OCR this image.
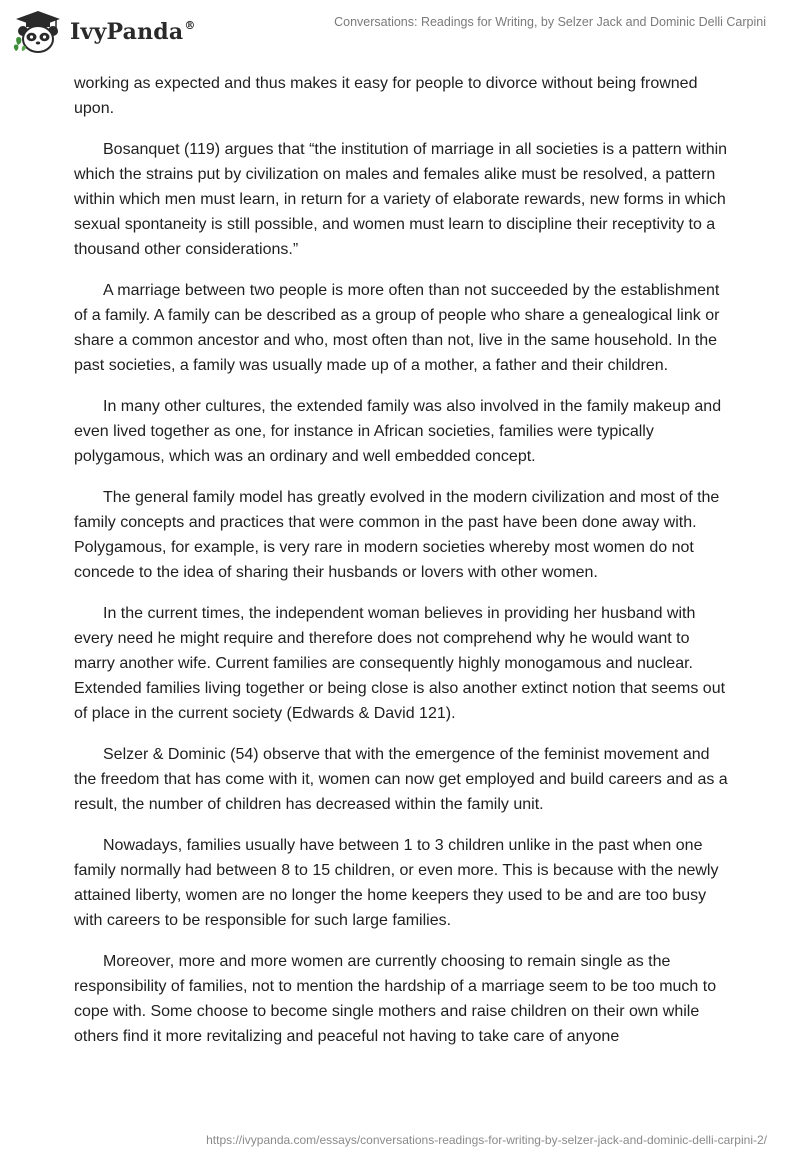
IvyPanda®	Conversations: Readings for Writing, by Selzer Jack and Dominic Delli Carpini

working as expected and thus makes it easy for people to divorce without being frowned upon.

Bosanquet (119) argues that “the institution of marriage in all societies is a pattern within which the strains put by civilization on males and females alike must be resolved, a pattern within which men must learn, in return for a variety of elaborate rewards, new forms in which sexual spontaneity is still possible, and women must learn to discipline their receptivity to a thousand other considerations.”

A marriage between two people is more often than not succeeded by the establishment of a family. A family can be described as a group of people who share a genealogical link or share a common ancestor and who, most often than not, live in the same household. In the past societies, a family was usually made up of a mother, a father and their children.

In many other cultures, the extended family was also involved in the family makeup and even lived together as one, for instance in African societies, families were typically polygamous, which was an ordinary and well embedded concept.

The general family model has greatly evolved in the modern civilization and most of the family concepts and practices that were common in the past have been done away with. Polygamous, for example, is very rare in modern societies whereby most women do not concede to the idea of sharing their husbands or lovers with other women.

In the current times, the independent woman believes in providing her husband with every need he might require and therefore does not comprehend why he would want to marry another wife. Current families are consequently highly monogamous and nuclear. Extended families living together or being close is also another extinct notion that seems out of place in the current society (Edwards & David 121).

Selzer & Dominic (54) observe that with the emergence of the feminist movement and the freedom that has come with it, women can now get employed and build careers and as a result, the number of children has decreased within the family unit.

Nowadays, families usually have between 1 to 3 children unlike in the past when one family normally had between 8 to 15 children, or even more. This is because with the newly attained liberty, women are no longer the home keepers they used to be and are too busy with careers to be responsible for such large families.

Moreover, more and more women are currently choosing to remain single as the responsibility of families, not to mention the hardship of a marriage seem to be too much to cope with. Some choose to become single mothers and raise children on their own while others find it more revitalizing and peaceful not having to take care of anyone

https://ivypanda.com/essays/conversations-readings-for-writing-by-selzer-jack-and-dominic-delli-carpini-2/
